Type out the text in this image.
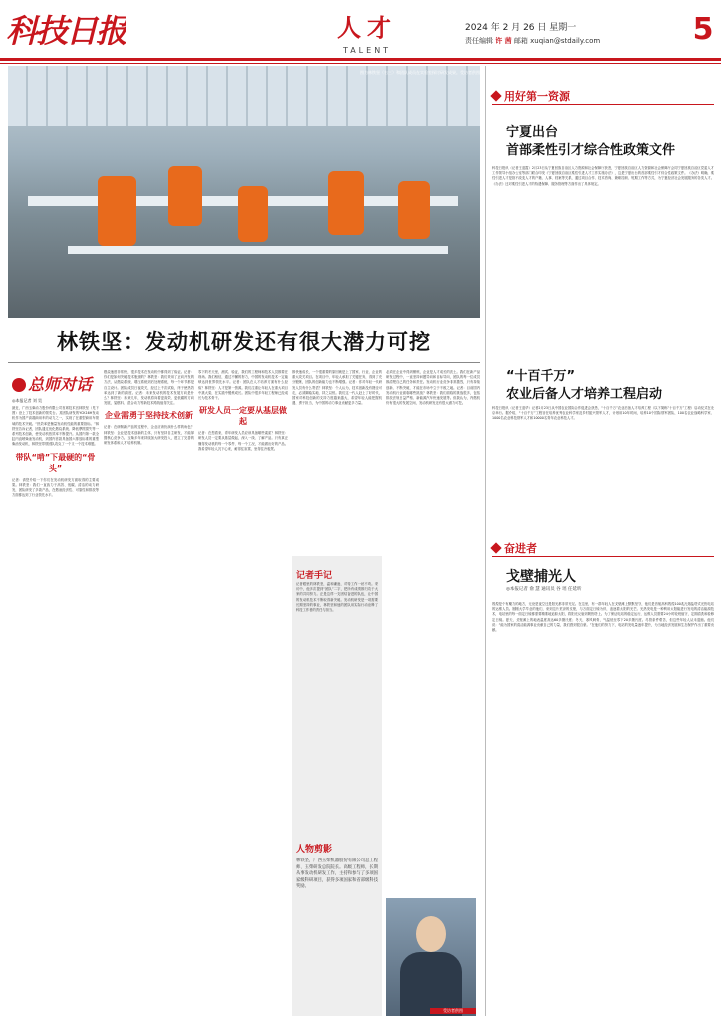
科技日报	人才
TALENT
2024 年 2 月 26 日 星期一
责任编辑 许 茜 邮箱 xuqian@stdaily.com	5
图为林铁坚（右三）和团队成员在实验室探讨研发成果。受访者供图
林铁坚：发动机研发还有很大潜力可挖
总师对话
◎本报记者 刘 昊

最近，广西玉柴动力股份有限公司首席技术官林铁坚（见下图）登上了技术创新的领奖台。其团队研发的YCK16H发动机作为国产高端商用车的动力之一，实现了在重型商用车领域的技术突破。“热效率是衡量发动机性能的重要指标。”林铁坚告诉记者，团队通过优化燃烧系统、降低摩擦损失等一系列技术创新，使发动机热效率不断提升。从国内第一款全缸内直喷柴油发动机，到国内首款具备国六排放标准的重型柴油发动机，林铁坚带领团队攻克了一个又一个技术难题。

带队“啃”下最硬的“骨头”

记者：请您介绍一下你们在发动机研发方面取得的主要成果。林铁坚：我们一直致力于高效、低碳、清洁的动力研发，团队研发了多款产品，在燃油经济性、可靠性和排放等方面都达到了行业领先水平。

燃烧速度非常快，很多技术在发动机中都得到了验证。记者：你们是如何突破技术瓶颈的？林铁坚：我们采用了正向开发的方法，从燃烧系统、增压系统到后处理系统，每一个环节都是自主设计。团队成员日夜攻关，经过上千次试验，终于使热效率达到了新的高度。记者：未来发动机的技术发展方向是什么？林铁坚：未来几年，发动机将向着更高效、更低碳的方向发展，氢燃料、混合动力等新技术路线值得关注。

企业需勇于坚持技术创新

记者：在研制新产品的过程中，企业应该扮演什么样的角色？林铁坚：企业是技术创新的主体，只有坚持自主研发，才能掌握核心竞争力。玉柴多年来持续加大研发投入，建立了完善的研发体系和人才培养机制。

零下的冬天里，测试、验证，我们的工程师和技术人员都要在现场。我们相信，通过不懈的努力，中国的发动机技术一定能够达到世界领先水平。记者：团队在人才培养方面有什么经验？林铁坚：人才是第一资源。我们注重让年轻人在重大项目中挑大梁，在实践中锻炼成长。团队中很多年轻工程师已经成长为技术骨干。

研发人员一定要从基层做起

记者：在您看来，青年研发人员应该具备哪些素质？林铁坚：研发人员一定要从基层做起，深入一线、了解产品。只有真正懂得发动机的每一个零件、每一个工况，才能做出好的产品。我希望年轻人沉下心来，耐得住寂寞，坐得住冷板凳。

都快速成长，一个很重要的原因就是上了国家、行业、企业的重大攻关项目。在项目中，年轻人承担了关键任务，得到了充分锻炼，团队的创新能力也不断增强。记者：你对年轻一代研发人员有什么寄语？林铁坚：个人认为，技术创新没有捷径可走，必须脚踏实地、持之以恒。我们这一代人赶上了好时代，国家对科技创新的支持力度越来越大，希望年轻人能把握机遇、勇于担当，为中国的动力事业贡献更多力量。

必须在企业中得到锤炼，企业是人才成长的沃土。我们在新产品研发过程中，一直坚持问题导向和目标导向，团队的每一位成员都清楚自己的任务和责任。发动机行业竞争非常激烈，只有持续创新、不断突破，才能在市场中立于不败之地。记者：目前国内发动机行业面临哪些挑战？林铁坚：我们面临的挑战很多，包括排放法规日益严格、新能源汽车快速发展等。但我认为，内燃机仍有很大的发展空间，发动机研发还有很大潜力可挖。

记者手记
记者眼里的林铁坚，温和谦逊，对待工作一丝不苟。采访中，他多次提到“团队”二字，把所有成绩都归功于大家的共同努力。正是这样一支团结奋进的队伍，让中国的发动机技术不断取得新突破。发动机研发是一项需要长期坚持的事业，林铁坚和他的团队用实际行动诠释了科技工作者的责任与担当。
人物剪影
林铁坚，广西玉柴机器股份有限公司总工程师、玉柴研发总院院长。高级工程师，长期从事发动机研发工作，主持和参与了多项国家级科研项目，获得多项国家和省部级科技奖励。
受访者供图
用好第一资源
宁夏出台
首部柔性引才综合性政策文件
科技日报讯（记者王迎霞）2月23日从宁夏回族自治区人力资源和社会保障厅获悉，宁夏回族自治区人力资源和社会保障厅会同宁夏回族自治区党委人才工作领导小组办公室等部门联合印发《宁夏回族自治区柔性引进人才工作实施办法》，这是宁夏出台的首部柔性引才综合性政策文件。《办法》明确，柔性引进人才是指不改变人才的户籍、人事、档案等关系，通过项目合作、技术咨询、兼职挂职、短期工作等方式，为宁夏经济社会发展服务的各类人才。《办法》还对柔性引进人才的待遇保障、服务管理等方面作出了具体规定。
“十百千万”
农业后备人才培养工程启动
科技日报讯（记者王迎华）记者2月23日从中国农业国际合作促进会获悉，“十百千万”农业后备人才培养工程（以下简称“十百千万”工程）启动仪式在北京举行。据介绍，“十百千万”工程旨在培养优秀农业科学家及乡村振兴领军人才，计划用10年时间，培养10个国际领军团队、100名农业战略科学家、1000名农业科技领军人才和10000名青年农业科技人才。
奋进者
戈壁捕光人
◎本报记者 俞 慧 通讯员 谷 瑶 任延昕
敦煌是个有魔力的地方，无论是夜空还是阳光都非常充足。在这里，有一群年轻人在戈壁滩上默默坚守，他们是首航高科敦煌100兆瓦熔盐塔式光热电站的运维人员。刚刚大学毕业的他们，来到这片荒凉的戈壁，与万面定日镜为伴，追逐着太阳的光芒。光热发电是一种利用太阳能进行发电的清洁能源技术，电站里的每一面定日镜都需要精准地追踪太阳，将阳光反射到吸热塔上。为了保证电站的稳定运行，运维人员需要24小时轮班值守，定期清洗和检修定日镜。夏天，戈壁滩上的地表温度高达60多摄氏度；冬天，寒风刺骨，气温低至零下20多摄氏度。尽管条件艰苦，但这些年轻人从未退缩。他们说：“能为国家的清洁能源事业贡献自己的力量，我们感到很自豪。”在他们的努力下，电站的发电量逐年提升，为当地经济发展和生态保护作出了重要贡献。
